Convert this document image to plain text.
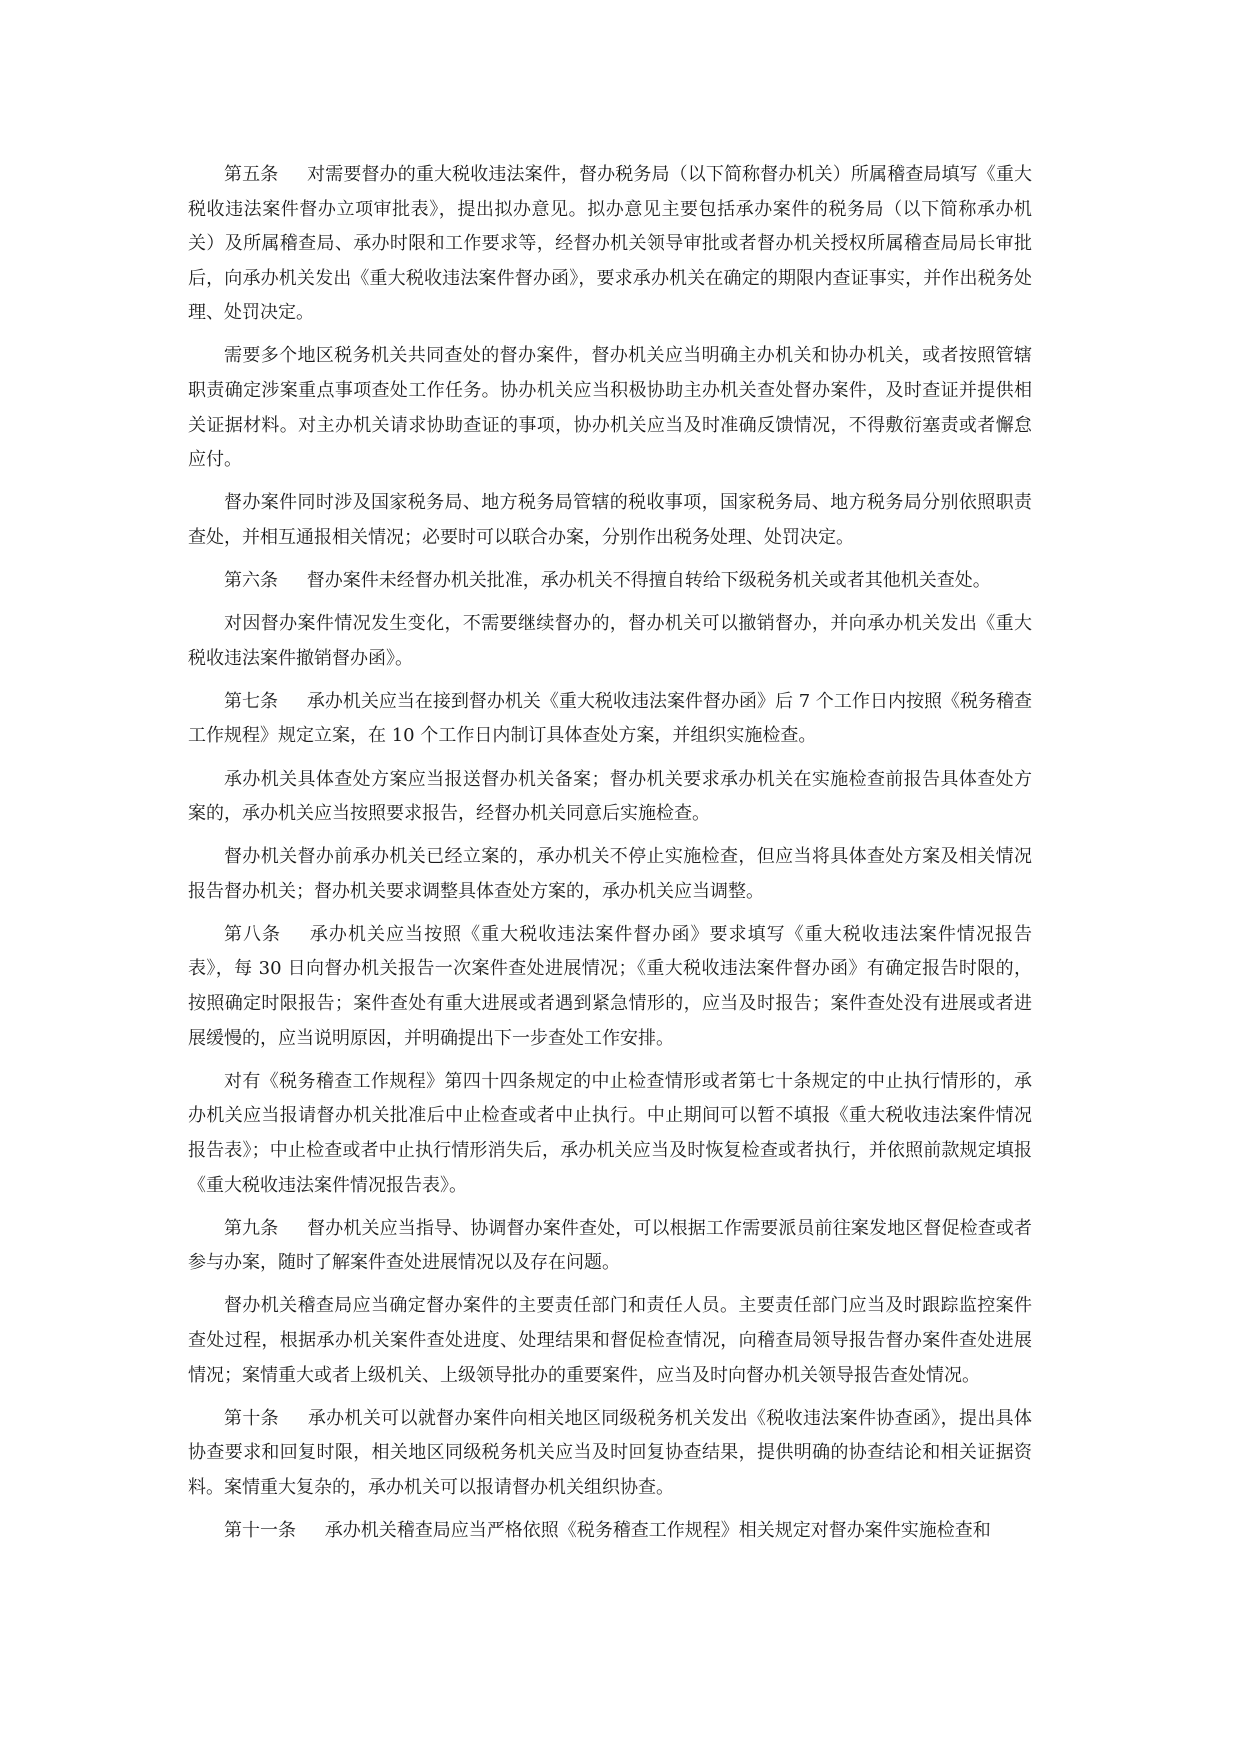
第五条 对需要督办的重大税收违法案件，督办税务局（以下简称督办机关）所属稽查局填写《重大税收违法案件督办立项审批表》，提出拟办意见。拟办意见主要包括承办案件的税务局（以下简称承办机关）及所属稽查局、承办时限和工作要求等，经督办机关领导审批或者督办机关授权所属稽查局局长审批后，向承办机关发出《重大税收违法案件督办函》，要求承办机关在确定的期限内查证事实，并作出税务处理、处罚决定。

需要多个地区税务机关共同查处的督办案件，督办机关应当明确主办机关和协办机关，或者按照管辖职责确定涉案重点事项查处工作任务。协办机关应当积极协助主办机关查处督办案件，及时查证并提供相关证据材料。对主办机关请求协助查证的事项，协办机关应当及时准确反馈情况，不得敷衍塞责或者懈怠应付。

督办案件同时涉及国家税务局、地方税务局管辖的税收事项，国家税务局、地方税务局分别依照职责查处，并相互通报相关情况；必要时可以联合办案，分别作出税务处理、处罚决定。

第六条 督办案件未经督办机关批准，承办机关不得擅自转给下级税务机关或者其他机关查处。

对因督办案件情况发生变化，不需要继续督办的，督办机关可以撤销督办，并向承办机关发出《重大税收违法案件撤销督办函》。

第七条 承办机关应当在接到督办机关《重大税收违法案件督办函》后 7 个工作日内按照《税务稽查工作规程》规定立案，在 10 个工作日内制订具体查处方案，并组织实施检查。

承办机关具体查处方案应当报送督办机关备案；督办机关要求承办机关在实施检查前报告具体查处方案的，承办机关应当按照要求报告，经督办机关同意后实施检查。

督办机关督办前承办机关已经立案的，承办机关不停止实施检查，但应当将具体查处方案及相关情况报告督办机关；督办机关要求调整具体查处方案的，承办机关应当调整。

第八条 承办机关应当按照《重大税收违法案件督办函》要求填写《重大税收违法案件情况报告表》，每 30 日向督办机关报告一次案件查处进展情况；《重大税收违法案件督办函》有确定报告时限的，按照确定时限报告；案件查处有重大进展或者遇到紧急情形的，应当及时报告；案件查处没有进展或者进展缓慢的，应当说明原因，并明确提出下一步查处工作安排。

对有《税务稽查工作规程》第四十四条规定的中止检查情形或者第七十条规定的中止执行情形的，承办机关应当报请督办机关批准后中止检查或者中止执行。中止期间可以暂不填报《重大税收违法案件情况报告表》；中止检查或者中止执行情形消失后，承办机关应当及时恢复检查或者执行，并依照前款规定填报《重大税收违法案件情况报告表》。

第九条 督办机关应当指导、协调督办案件查处，可以根据工作需要派员前往案发地区督促检查或者参与办案，随时了解案件查处进展情况以及存在问题。

督办机关稽查局应当确定督办案件的主要责任部门和责任人员。主要责任部门应当及时跟踪监控案件查处过程，根据承办机关案件查处进度、处理结果和督促检查情况，向稽查局领导报告督办案件查处进展情况；案情重大或者上级机关、上级领导批办的重要案件，应当及时向督办机关领导报告查处情况。

第十条 承办机关可以就督办案件向相关地区同级税务机关发出《税收违法案件协查函》，提出具体协查要求和回复时限，相关地区同级税务机关应当及时回复协查结果，提供明确的协查结论和相关证据资料。案情重大复杂的，承办机关可以报请督办机关组织协查。

第十一条 承办机关稽查局应当严格依照《税务稽查工作规程》相关规定对督办案件实施检查和
